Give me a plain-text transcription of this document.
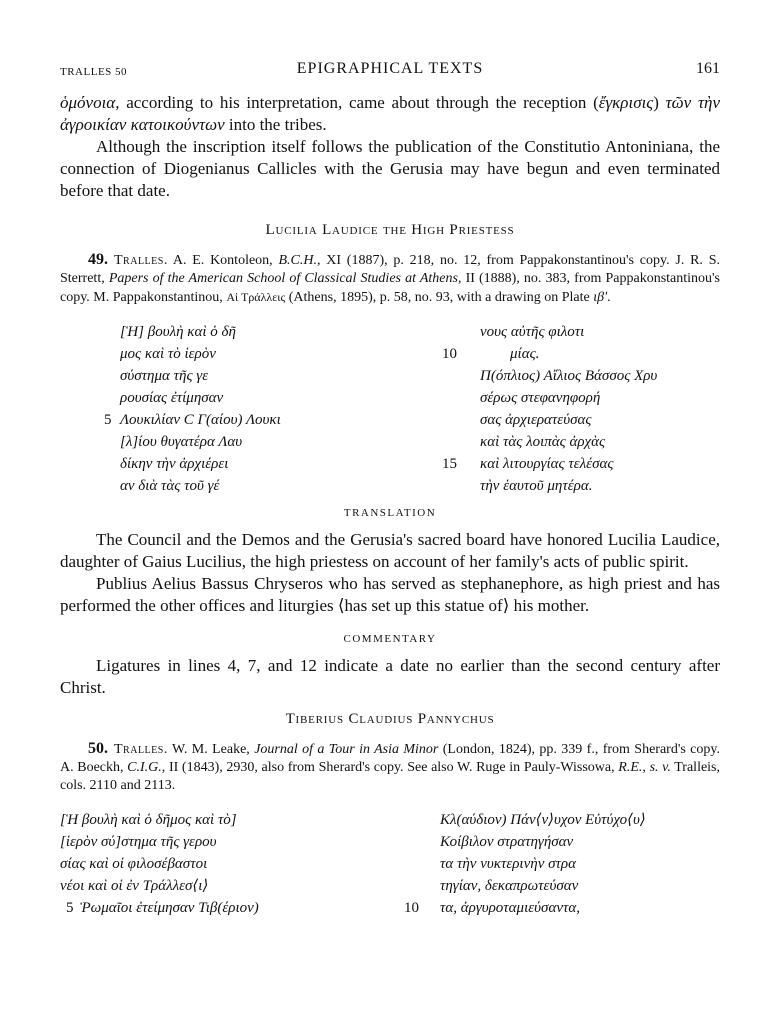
TRALLES 50	EPIGRAPHICAL TEXTS	161

ὁμόνοια, according to his interpretation, came about through the reception (ἔγκρισις) τῶν τὴν ἀγροικίαν κατοικούντων into the tribes.

Although the inscription itself follows the publication of the Constitutio Antoniniana, the connection of Diogenianus Callicles with the Gerusia may have begun and even terminated before that date.

Lucilia Laudice the High Priestess
49. Tralles. A. E. Kontoleon, B.C.H., XI (1887), p. 218, no. 12, from Pappakonstantinou's copy. J. R. S. Sterrett, Papers of the American School of Classical Studies at Athens, II (1888), no. 383, from Pappakonstantinou's copy. M. Pappakonstantinou, Αἱ Τράλλεις (Athens, 1895), p. 58, no. 93, with a drawing on Plate ιβʹ.
[Ἡ] βουλὴ καὶ ὁ δῆ
μος καὶ τὸ ἱερὸν
σύστημα τῆς γε
ρουσίας ἐτίμησαν
5 Λουκιλίαν Ϲ Γ(αίου) Λουκι
[λ]ίου θυγατέρα Λαυ
δίκην τὴν ἀρχιέρει
αν διὰ τὰς τοῦ γέ
νους αὐτῆς φιλοτι
10	μίας.
Π(όπλιος) Αἴλιος Βάσσος Χρυ
σέρως στεφανηφορή
σας ἀρχιερατεύσας
καὶ τὰς λοιπὰς ἀρχὰς
15 καὶ λιτουργίας τελέσας
τὴν ἑαυτοῦ μητέρα.
TRANSLATION

The Council and the Demos and the Gerusia's sacred board have honored Lucilia Laudice, daughter of Gaius Lucilius, the high priestess on account of her family's acts of public spirit.

Publius Aelius Bassus Chryseros who has served as stephanephore, as high priest and has performed the other offices and liturgies ⟨has set up this statue of⟩ his mother.

COMMENTARY

Ligatures in lines 4, 7, and 12 indicate a date no earlier than the second century after Christ.

Tiberius Claudius Pannychus
50. Tralles. W. M. Leake, Journal of a Tour in Asia Minor (London, 1824), pp. 339 f., from Sherard's copy. A. Boeckh, C.I.G., II (1843), 2930, also from Sherard's copy. See also W. Ruge in Pauly-Wissowa, R.E., s. v. Tralleis, cols. 2110 and 2113.
[Ἡ βουλὴ καὶ ὁ δῆμος καὶ τὸ]
[ἱερὸν σύ]στημα τῆς γερου
σίας καὶ οἱ φιλοσέβαστοι
νέοι καὶ οἱ ἐν Τράλλεσ⟨ι⟩
5 Ῥωμαῖοι ἐτείμησαν Τιβ(έριον)
Κλ(αύδιον) Πάν⟨ν⟩υχον Εὐτύχο⟨υ⟩
Κοίβιλον στρατηγήσαν
τα τὴν νυκτερινὴν στρα
τηγίαν, δεκαπρωτεύσαν
10 τα, ἀργυροταμιεύσαντα,
